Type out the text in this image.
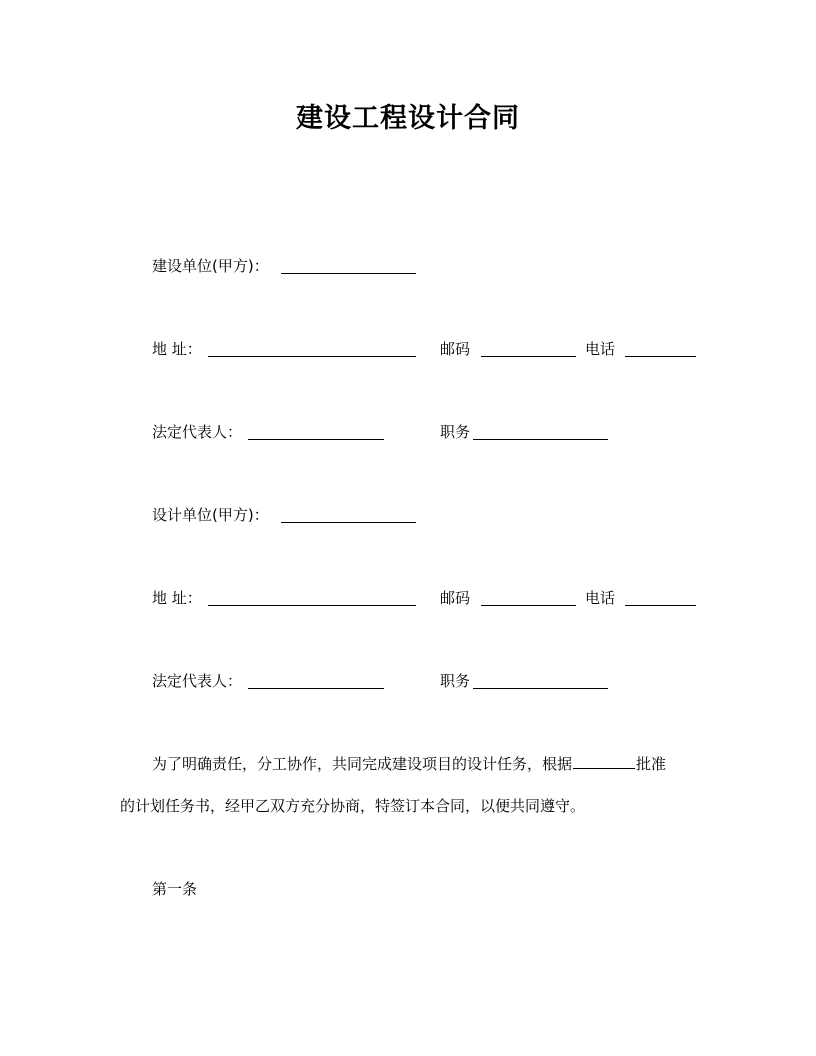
建设工程设计合同
建设单位(甲方)：
地 址：	邮码	电话
法定代表人：	职务
设计单位(甲方)：
地 址：	邮码	电话
法定代表人：	职务
为了明确责任，分工协作，共同完成建设项目的设计任务，根据	批准
的计划任务书，经甲乙双方充分协商，特签订本合同，以便共同遵守。
第一条
